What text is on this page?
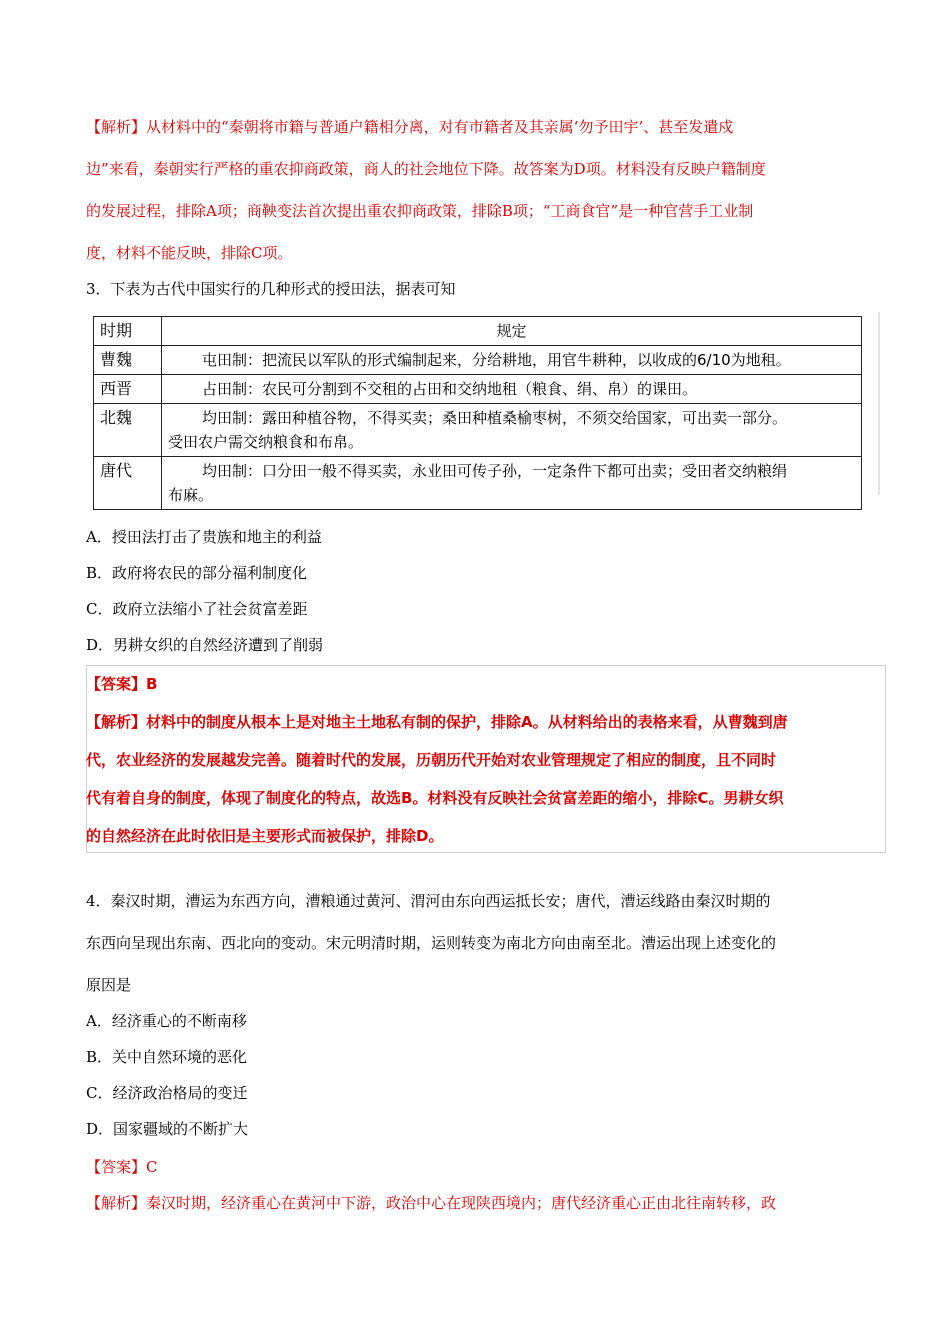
【解析】从材料中的“秦朝将市籍与普通户籍相分离，对有市籍者及其亲属‘勿予田宇’、甚至发遣戍
边”来看，秦朝实行严格的重农抑商政策，商人的社会地位下降。故答案为D项。材料没有反映户籍制度
的发展过程，排除A项；商鞅变法首次提出重农抑商政策，排除B项；“工商食官”是一种官营手工业制
度，材料不能反映，排除C项。
3．下表为古代中国实行的几种形式的授田法，据表可知
时期	规定
曹魏	屯田制：把流民以军队的形式编制起来，分给耕地，用官牛耕种，以收成的6/10为地租。
西晋	占田制：农民可分割到不交租的占田和交纳地租（粮食、绢、帛）的课田。
北魏	均田制：露田种植谷物，不得买卖；桑田种植桑榆枣树，不须交给国家，可出卖一部分。
受田农户需交纳粮食和布帛。
唐代	均田制：口分田一般不得买卖，永业田可传子孙，一定条件下都可出卖；受田者交纳粮绢
布麻。
A．授田法打击了贵族和地主的利益
B．政府将农民的部分福利制度化
C．政府立法缩小了社会贫富差距
D．男耕女织的自然经济遭到了削弱
【答案】B
【解析】材料中的制度从根本上是对地主土地私有制的保护，排除A。从材料给出的表格来看，从曹魏到唐
代，农业经济的发展越发完善。随着时代的发展，历朝历代开始对农业管理规定了相应的制度，且不同时
代有着自身的制度，体现了制度化的特点，故选B。材料没有反映社会贫富差距的缩小，排除C。男耕女织
的自然经济在此时依旧是主要形式而被保护，排除D。
4．秦汉时期，漕运为东西方向，漕粮通过黄河、渭河由东向西运抵长安；唐代，漕运线路由秦汉时期的
东西向呈现出东南、西北向的变动。宋元明清时期，运则转变为南北方向由南至北。漕运出现上述变化的
原因是
A．经济重心的不断南移
B．关中自然环境的恶化
C．经济政治格局的变迁
D．国家疆域的不断扩大
【答案】C
【解析】秦汉时期，经济重心在黄河中下游，政治中心在现陕西境内；唐代经济重心正由北往南转移，政
